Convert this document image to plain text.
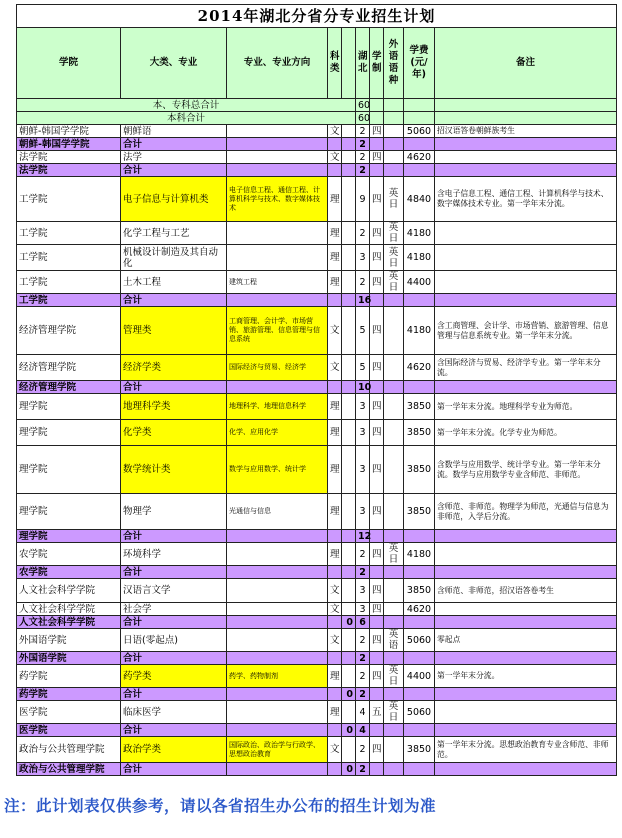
2014年湖北分省分专业招生计划									
学院	大类、专业	专业、专业方向	科类		湖北	学制	外语语种	学费(元/年)	备注
本、专科总合计					60				
本科合计					60				
朝鲜-韩国学学院	朝鲜语		文		2	四		5060	招汉语答卷朝鲜族考生
朝鲜-韩国学学院	合计				2				
法学院	法学		文		2	四		4620	
法学院	合计				2				
工学院	电子信息与计算机类	电子信息工程、通信工程、计算机科学与技术、数字媒体技术	理		9	四	英日	4840	含电子信息工程、通信工程、计算机科学与技术、数字媒体技术专业。第一学年末分流。
工学院	化学工程与工艺		理		2	四	英日	4180	
工学院	机械设计制造及其自动化		理		3	四	英日	4180	
工学院	土木工程	建筑工程	理		2	四	英日	4400	
工学院	合计				16				
经济管理学院	管理类	工商管理、会计学、市场营销、旅游管理、信息管理与信息系统	文		5	四		4180	含工商管理、会计学、市场营销、旅游管理、信息管理与信息系统专业。第一学年末分流。
经济管理学院	经济学类	国际经济与贸易、经济学	文		5	四		4620	含国际经济与贸易、经济学专业。第一学年末分流。
经济管理学院	合计				10				
理学院	地理科学类	地理科学、地理信息科学	理		3	四		3850	第一学年末分流。地理科学专业为师范。
理学院	化学类	化学、应用化学	理		3	四		3850	第一学年末分流。化学专业为师范。
理学院	数学统计类	数学与应用数学、统计学	理		3	四		3850	含数学与应用数学、统计学专业。第一学年末分流。数学与应用数学专业含师范、非师范。
理学院	物理学	光通信与信息	理		3	四		3850	含师范、非师范。物理学为师范，光通信与信息为非师范，入学后分流。
理学院	合计				12				
农学院	环境科学		理		2	四	英日	4180	
农学院	合计				2				
人文社会科学学院	汉语言文学		文		3	四		3850	含师范、非师范，招汉语答卷考生
人文社会科学学院	社会学		文		3	四		4620	
人文社会科学学院	合计			0	6				
外国语学院	日语(零起点)		文		2	四	英语	5060	零起点
外国语学院	合计				2				
药学院	药学类	药学、药物制剂	理		2	四	英日	4400	第一学年末分流。
药学院	合计			0	2				
医学院	临床医学		理		4	五	英日	5060	
医学院	合计			0	4				
政治与公共管理学院	政治学类	国际政治、政治学与行政学、思想政治教育	文		2	四		3850	第一学年末分流。思想政治教育专业含师范、非师范。
政治与公共管理学院	合计			0	2				
注：此计划表仅供参考，请以各省招生办公布的招生计划为准
